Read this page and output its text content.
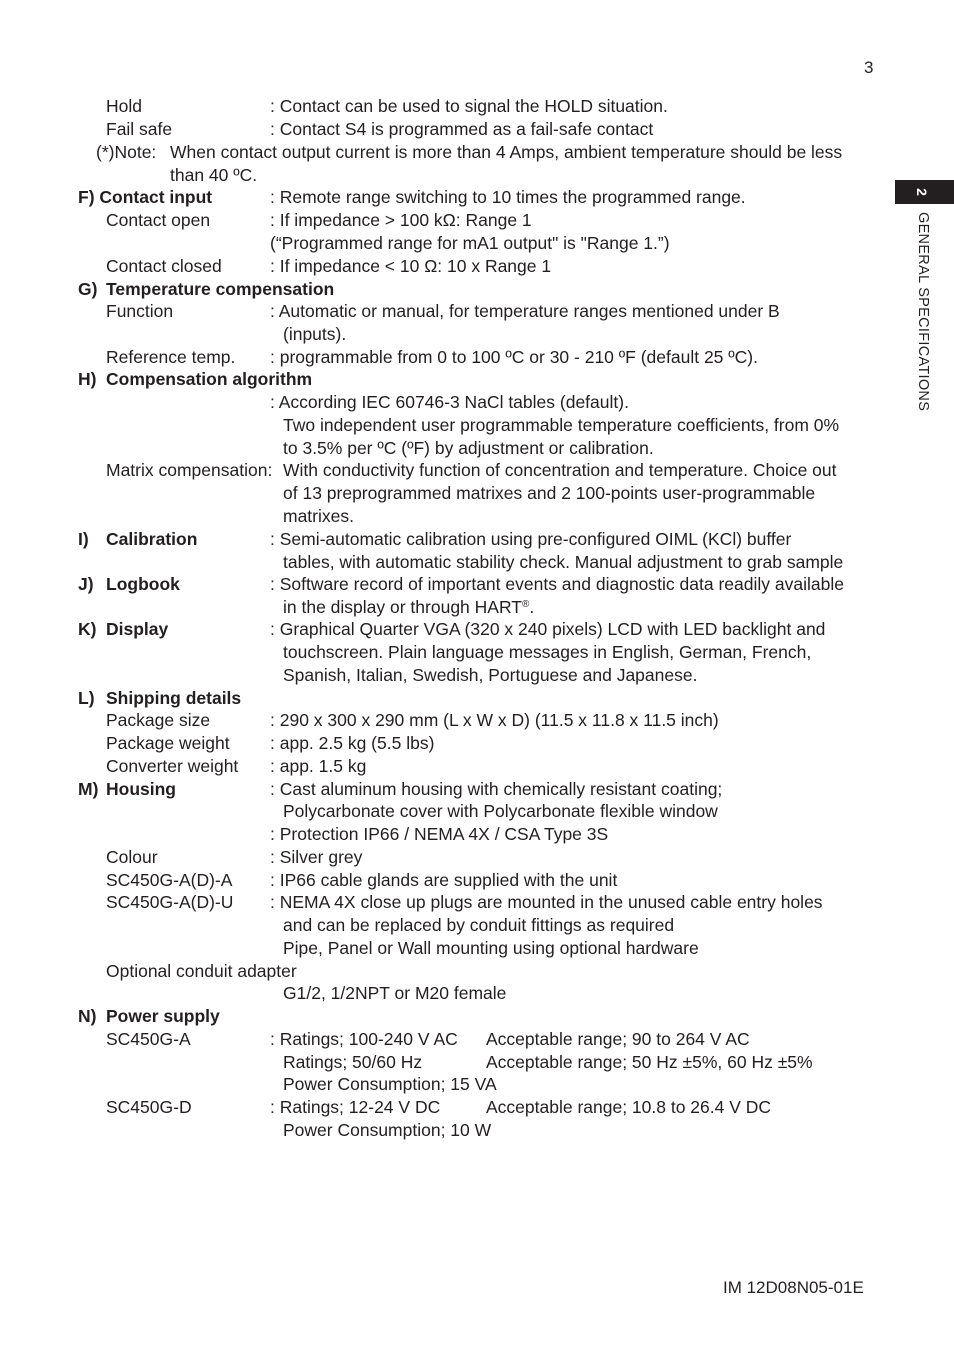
3
2
GENERAL SPECIFICATIONS
Hold	: Contact can be used to signal the HOLD situation.
Fail safe	: Contact S4 is programmed as a fail-safe contact
(*)Note: When contact output current is more than 4 Amps, ambient temperature should be less
than 40 ºC.
F) Contact input	: Remote range switching to 10 times the programmed range.
Contact open	: If impedance > 100 kΩ: Range 1
(“Programmed range for mA1 output" is "Range 1.”)
Contact closed	: If impedance < 10 Ω: 10 x Range 1
G) Temperature compensation
Function	: Automatic or manual, for temperature ranges mentioned under B
(inputs).
Reference temp. : programmable from 0 to 100 ºC or 30 - 210 ºF (default 25 ºC).
H) Compensation algorithm
: According IEC 60746-3 NaCl tables (default).
Two independent user programmable temperature coefficients, from 0%
to 3.5% per ºC (ºF) by adjustment or calibration.
Matrix compensation: With conductivity function of concentration and temperature. Choice out
of 13 preprogrammed matrixes and 2 100-points user-programmable
matrixes.
I) Calibration	: Semi-automatic calibration using pre-configured OIML (KCl) buffer
tables, with automatic stability check. Manual adjustment to grab sample
J) Logbook	: Software record of important events and diagnostic data readily available
in the display or through HART®.
K) Display	: Graphical Quarter VGA (320 x 240 pixels) LCD with LED backlight and
touchscreen. Plain language messages in English, German, French,
Spanish, Italian, Swedish, Portuguese and Japanese.
L) Shipping details
Package size	: 290 x 300 x 290 mm (L x W x D) (11.5 x 11.8 x 11.5 inch)
Package weight : app. 2.5 kg (5.5 lbs)
Converter weight : app. 1.5 kg
M) Housing	: Cast aluminum housing with chemically resistant coating;
Polycarbonate cover with Polycarbonate flexible window
: Protection IP66 / NEMA 4X / CSA Type 3S
Colour	: Silver grey
SC450G-A(D)-A : IP66 cable glands are supplied with the unit
SC450G-A(D)-U : NEMA 4X close up plugs are mounted in the unused cable entry holes
and can be replaced by conduit fittings as required
Pipe, Panel or Wall mounting using optional hardware
Optional conduit adapter
G1/2, 1/2NPT or M20 female
N) Power supply
SC450G-A	: Ratings; 100-240 V AC Acceptable range; 90 to 264 V AC
Ratings; 50/60 Hz	Acceptable range; 50 Hz ±5%, 60 Hz ±5%
Power Consumption; 15 VA
SC450G-D	: Ratings; 12-24 V DC	Acceptable range; 10.8 to 26.4 V DC
Power Consumption; 10 W
IM 12D08N05-01E
